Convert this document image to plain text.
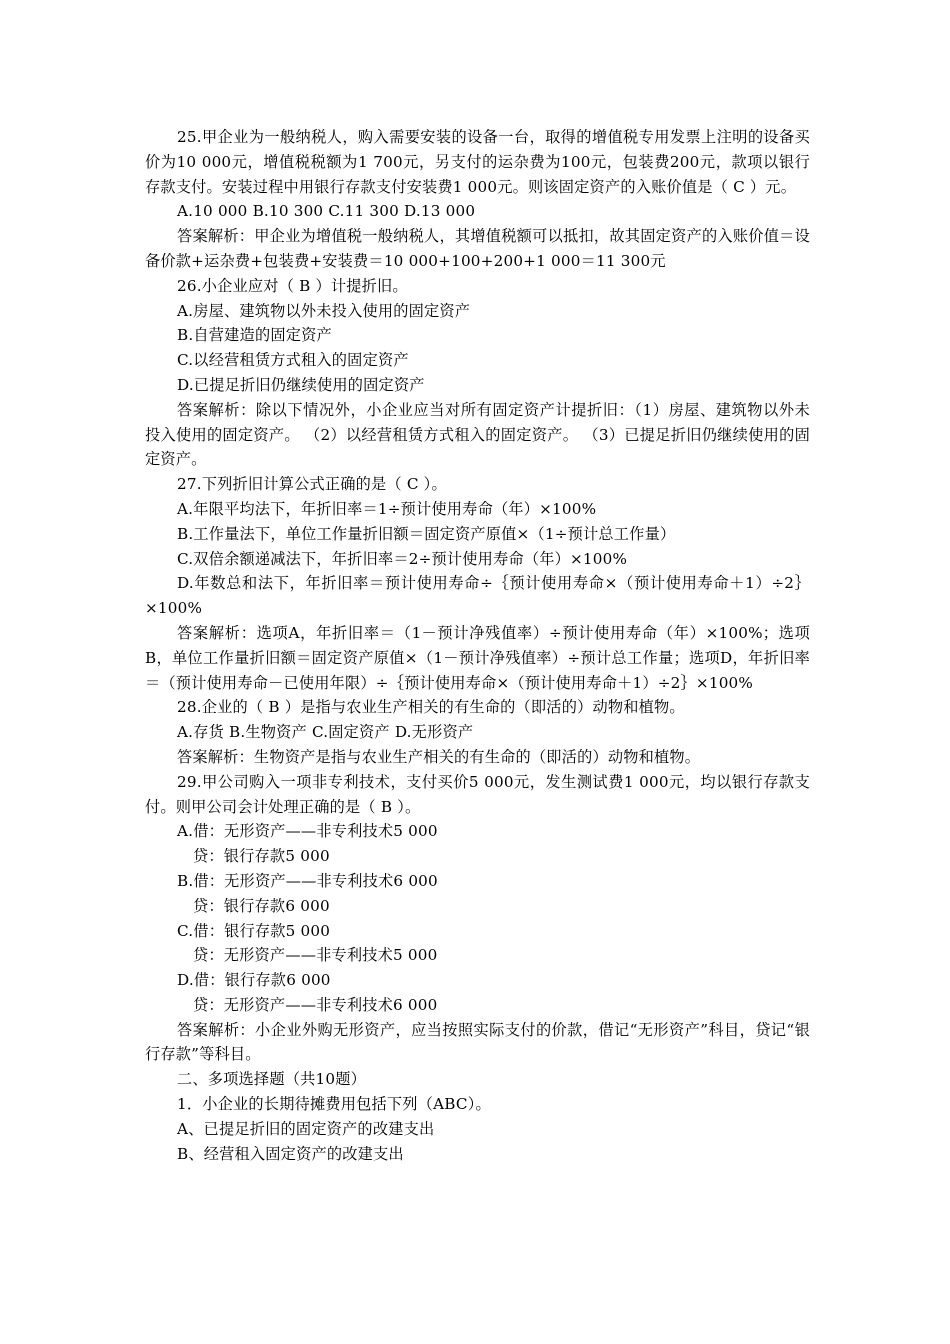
25.甲企业为一般纳税人，购入需要安装的设备一台，取得的增值税专用发票上注明的设备买价为10 000元，增值税税额为1 700元，另支付的运杂费为100元，包装费200元，款项以银行存款支付。安装过程中用银行存款支付安装费1 000元。则该固定资产的入账价值是（ C ）元。

A.10 000 B.10 300 C.11 300 D.13 000

答案解析：甲企业为增值税一般纳税人，其增值税额可以抵扣，故其固定资产的入账价值＝设备价款+运杂费+包装费+安装费＝10 000+100+200+1 000＝11 300元

26.小企业应对（ B ）计提折旧。

A.房屋、建筑物以外未投入使用的固定资产

B.自营建造的固定资产

C.以经营租赁方式租入的固定资产

D.已提足折旧仍继续使用的固定资产

答案解析：除以下情况外，小企业应当对所有固定资产计提折旧：（1）房屋、建筑物以外未投入使用的固定资产。 （2）以经营租赁方式租入的固定资产。 （3）已提足折旧仍继续使用的固定资产。

27.下列折旧计算公式正确的是（ C ）。

A.年限平均法下，年折旧率＝1÷预计使用寿命（年）×100%

B.工作量法下，单位工作量折旧额＝固定资产原值×（1÷预计总工作量）

C.双倍余额递减法下，年折旧率＝2÷预计使用寿命（年）×100%

D.年数总和法下，年折旧率＝预计使用寿命÷｛预计使用寿命×（预计使用寿命＋1）÷2｝×100%

答案解析：选项A，年折旧率＝（1－预计净残值率）÷预计使用寿命（年）×100%；选项B，单位工作量折旧额＝固定资产原值×（1－预计净残值率）÷预计总工作量；选项D，年折旧率＝（预计使用寿命－已使用年限）÷｛预计使用寿命×（预计使用寿命＋1）÷2｝×100%

28.企业的（ B ）是指与农业生产相关的有生命的（即活的）动物和植物。

A.存货 B.生物资产 C.固定资产 D.无形资产

答案解析：生物资产是指与农业生产相关的有生命的（即活的）动物和植物。

29.甲公司购入一项非专利技术，支付买价5 000元，发生测试费1 000元，均以银行存款支付。则甲公司会计处理正确的是（ B ）。

A.借：无形资产——非专利技术5 000

贷：银行存款5 000

B.借：无形资产——非专利技术6 000

贷：银行存款6 000

C.借：银行存款5 000

贷：无形资产——非专利技术5 000

D.借：银行存款6 000

贷：无形资产——非专利技术6 000

答案解析：小企业外购无形资产，应当按照实际支付的价款，借记“无形资产”科目，贷记“银行存款”等科目。

二、多项选择题（共10题）

1．小企业的长期待摊费用包括下列（ABC）。

A、已提足折旧的固定资产的改建支出

B、经营租入固定资产的改建支出
